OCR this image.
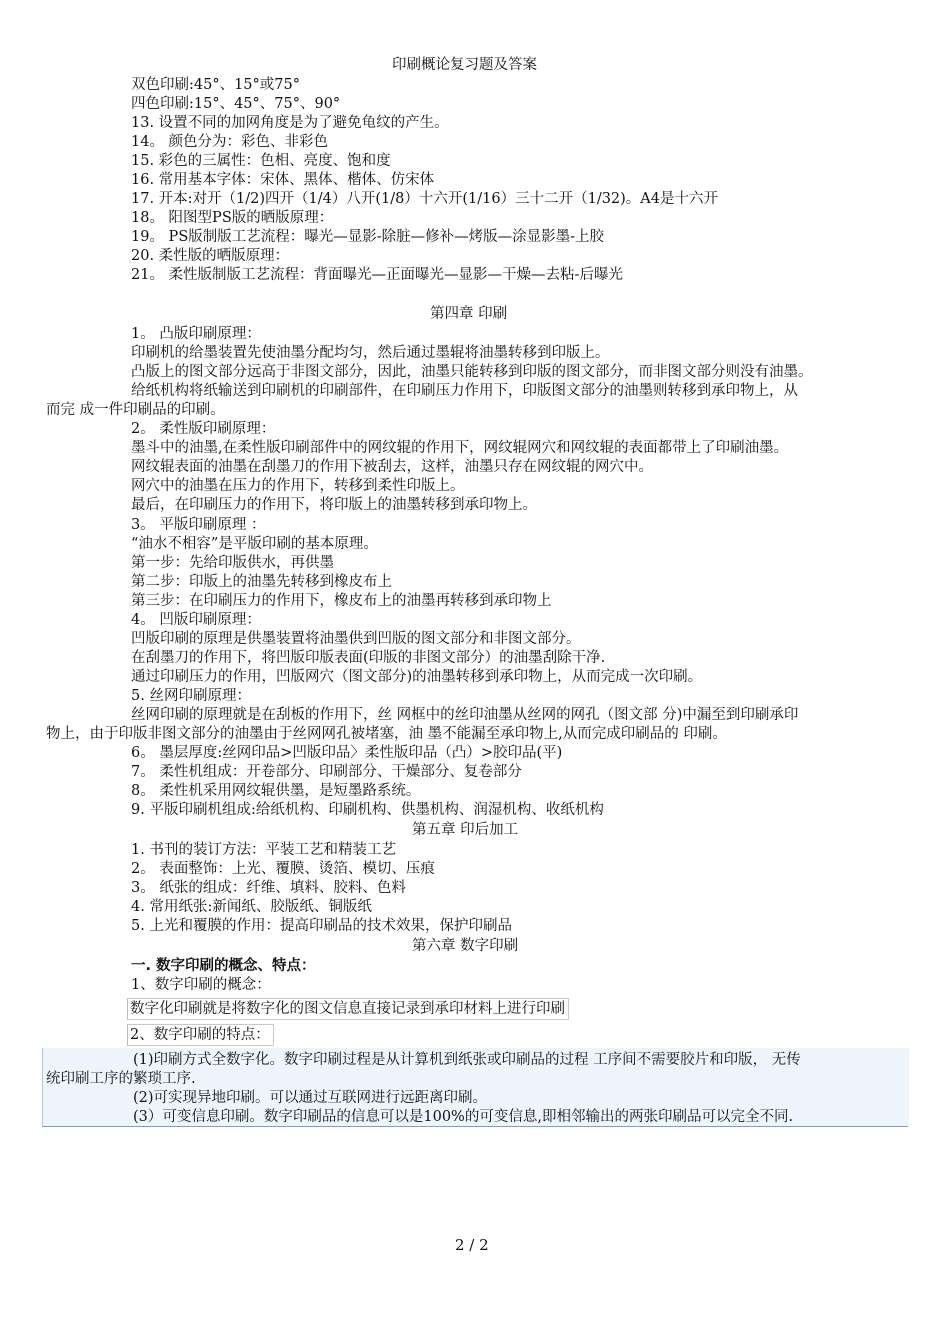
印刷概论复习题及答案
双色印刷:45°、15°或75°
四色印刷:15°、45°、75°、90°
13. 设置不同的加网角度是为了避免龟纹的产生。
14。 颜色分为：彩色、非彩色
15. 彩色的三属性：色相、亮度、饱和度
16. 常用基本字体：宋体、黑体、楷体、仿宋体
17. 开本:对开（1/2)四开（1/4）八开(1/8）十六开(1/16）三十二开（1/32)。A4是十六开
18。 阳图型PS版的晒版原理：
19。 PS版制版工艺流程：曝光—显影-除脏—修补—烤版—涂显影墨-上胶
20. 柔性版的晒版原理：
21。 柔性版制版工艺流程：背面曝光—正面曝光—显影—干燥—去粘-后曝光
第四章 印刷
1。 凸版印刷原理：
印刷机的给墨装置先使油墨分配均匀，然后通过墨辊将油墨转移到印版上。
凸版上的图文部分远高于非图文部分，因此，油墨只能转移到印版的图文部分，而非图文部分则没有油墨。
给纸机构将纸输送到印刷机的印刷部件，在印刷压力作用下，印版图文部分的油墨则转移到承印物上，从
而完 成一件印刷品的印刷。
2。 柔性版印刷原理：
墨斗中的油墨,在柔性版印刷部件中的网纹辊的作用下，网纹辊网穴和网纹辊的表面都带上了印刷油墨。
网纹辊表面的油墨在刮墨刀的作用下被刮去，这样，油墨只存在网纹辊的网穴中。
网穴中的油墨在压力的作用下，转移到柔性印版上。
最后，在印刷压力的作用下，将印版上的油墨转移到承印物上。
3。 平版印刷原理 ：
“油水不相容”是平版印刷的基本原理。
第一步：先给印版供水，再供墨
第二步：印版上的油墨先转移到橡皮布上
第三步：在印刷压力的作用下，橡皮布上的油墨再转移到承印物上
4。 凹版印刷原理：
凹版印刷的原理是供墨装置将油墨供到凹版的图文部分和非图文部分。
在刮墨刀的作用下，将凹版印版表面(印版的非图文部分）的油墨刮除干净.
通过印刷压力的作用，凹版网穴（图文部分)的油墨转移到承印物上，从而完成一次印刷。
5. 丝网印刷原理：
丝网印刷的原理就是在刮板的作用下，丝 网框中的丝印油墨从丝网的网孔（图文部 分)中漏至到印刷承印
物上，由于印版非图文部分的油墨由于丝网网孔被堵塞，油 墨不能漏至承印物上,从而完成印刷品的 印刷。
6。 墨层厚度:丝网印品>凹版印品〉柔性版印品（凸）>胶印品(平)
7。 柔性机组成：开卷部分、印刷部分、干燥部分、复卷部分
8。 柔性机采用网纹辊供墨，是短墨路系统。
9. 平版印刷机组成:给纸机构、印刷机构、供墨机构、润湿机构、收纸机构
第五章 印后加工
1. 书刊的装订方法：平装工艺和精装工艺
2。 表面整饰：上光、覆膜、烫箔、模切、压痕
3。 纸张的组成：纤维、填料、胶料、色料
4. 常用纸张:新闻纸、胶版纸、铜版纸
5. 上光和覆膜的作用：提高印刷品的技术效果，保护印刷品
第六章 数字印刷
一. 数字印刷的概念、特点：
1、数字印刷的概念：
数字化印刷就是将数字化的图文信息直接记录到承印材料上进行印刷
2、数字印刷的特点：
(1)印刷方式全数字化。数字印刷过程是从计算机到纸张或印刷品的过程 工序间不需要胶片和印版， 无传
统印刷工序的繁琐工序.
(2)可实现异地印刷。可以通过互联网进行远距离印刷。
(3）可变信息印刷。数字印刷品的信息可以是100%的可变信息,即相邻输出的两张印刷品可以完全不同.
2 / 2
